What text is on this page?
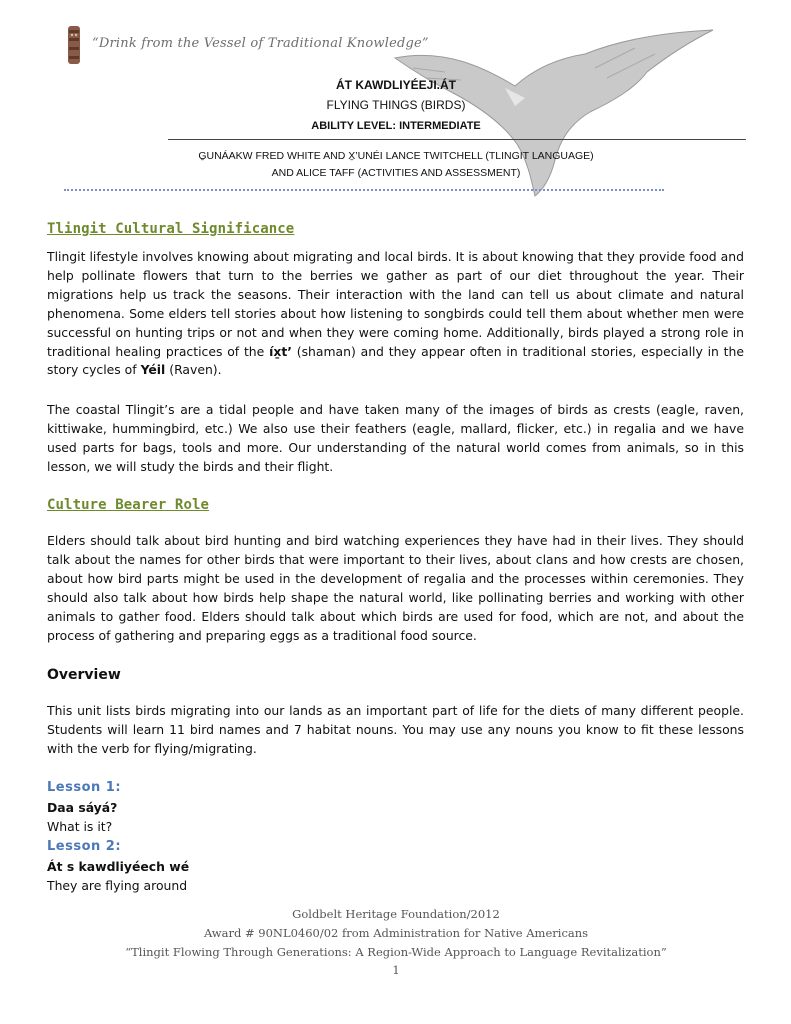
“Drink from the Vessel of Traditional Knowledge”
ÁT KAWDLIYÉEJI.ÁT
FLYING THINGS (BIRDS)
ABILITY LEVEL: INTERMEDIATE
G̱UNÁAKW FRED WHITE AND X̱’UNÉI LANCE TWITCHELL (TLINGIT LANGUAGE)
AND ALICE TAFF (ACTIVITIES AND ASSESSMENT)
Tlingit Cultural Significance
Tlingit lifestyle involves knowing about migrating and local birds. It is about knowing that they provide food and help pollinate flowers that turn to the berries we gather as part of our diet throughout the year. Their migrations help us track the seasons. Their interaction with the land can tell us about climate and natural phenomena. Some elders tell stories about how listening to songbirds could tell them about whether men were successful on hunting trips or not and when they were coming home. Additionally, birds played a strong role in traditional healing practices of the íx̱t’ (shaman) and they appear often in traditional stories, especially in the story cycles of Yéil (Raven).
The coastal Tlingit’s are a tidal people and have taken many of the images of birds as crests (eagle, raven, kittiwake, hummingbird, etc.) We also use their feathers (eagle, mallard, flicker, etc.) in regalia and we have used parts for bags, tools and more. Our understanding of the natural world comes from animals, so in this lesson, we will study the birds and their flight.
Culture Bearer Role
Elders should talk about bird hunting and bird watching experiences they have had in their lives. They should talk about the names for other birds that were important to their lives, about clans and how crests are chosen, about how bird parts might be used in the development of regalia and the processes within ceremonies. They should also talk about how birds help shape the natural world, like pollinating berries and working with other animals to gather food. Elders should talk about which birds are used for food, which are not, and about the process of gathering and preparing eggs as a traditional food source.
Overview
This unit lists birds migrating into our lands as an important part of life for the diets of many different people. Students will learn 11 bird names and 7 habitat nouns. You may use any nouns you know to fit these lessons with the verb for flying/migrating.
Lesson 1:
Daa sáyá?
What is it?
Lesson 2:
Át s kawdliyéech wé
They are flying around
Goldbelt Heritage Foundation/2012
Award # 90NL0460/02 from Administration for Native Americans
“Tlingit Flowing Through Generations: A Region-Wide Approach to Language Revitalization”
1
